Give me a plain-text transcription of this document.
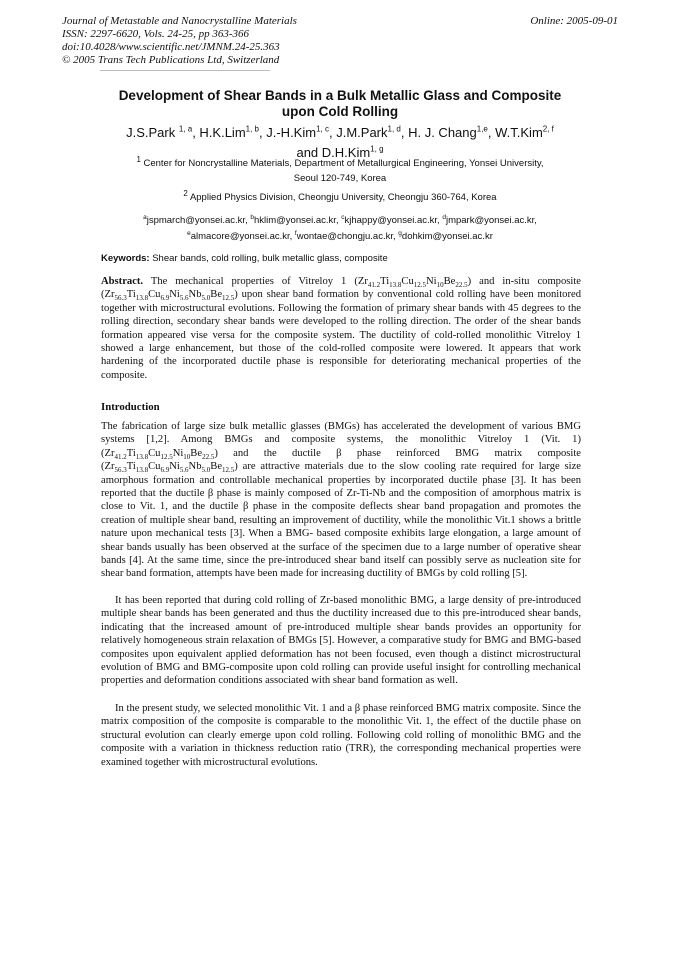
Journal of Metastable and Nanocrystalline Materials
ISSN: 2297-6620, Vols. 24-25, pp 363-366
doi:10.4028/www.scientific.net/JMNM.24-25.363
© 2005 Trans Tech Publications Ltd, Switzerland
Online: 2005-09-01
Development of Shear Bands in a Bulk Metallic Glass and Composite
upon Cold Rolling
J.S.Park $^{1, a}$, H.K.Lim$^{1, b}$, J.-H.Kim$^{1, c}$, J.M.Park$^{1, d}$, H. J. Chang$^{1,e}$, W.T.Kim$^{2, f}$
and D.H.Kim$^{1, g}$
$^1$ Center for Noncrystalline Materials, Department of Metallurgical Engineering, Yonsei University,
Seoul 120-749, Korea
$^2$ Applied Physics Division, Cheongju University, Cheongju 360-764, Korea
$^a$jspmarch@yonsei.ac.kr, $^b$hklim@yonsei.ac.kr, $^c$kjhappy@yonsei.ac.kr, $^d$jmpark@yonsei.ac.kr,
$^e$almacore@yonsei.ac.kr, $^f$wontae@chongju.ac.kr, $^g$dohkim@yonsei.ac.kr
Keywords: Shear bands, cold rolling, bulk metallic glass, composite
Abstract. The mechanical properties of Vitreloy 1 $(Zr_{41.2}Ti_{13.8}Cu_{12.5}Ni_{10}Be_{22.5})$ and in-situ composite $(Zr_{56.3}Ti_{13.8}Cu_{6.9}Ni_{5.6}Nb_{5.0}Be_{12.5})$ upon shear band formation by conventional cold rolling have been monitored together with microstructural evolutions. Following the formation of primary shear bands with 45 degrees to the rolling direction, secondary shear bands were developed to the rolling direction. The order of the shear bands formation appeared vise versa for the composite system. The ductility of cold-rolled monolithic Vitreloy 1 showed a large enhancement, but those of the cold-rolled composite were lowered. It appears that work hardening of the incorporated ductile phase is responsible for deteriorating mechanical properties of the composite.
Introduction
The fabrication of large size bulk metallic glasses (BMGs) has accelerated the development of various BMG systems [1,2]. Among BMGs and composite systems, the monolithic Vitreloy 1 (Vit. 1) $(Zr_{41.2}Ti_{13.8}Cu_{12.5}Ni_{10}Be_{22.5})$ and the ductile β phase reinforced BMG matrix composite $(Zr_{56.3}Ti_{13.8}Cu_{6.9}Ni_{5.6}Nb_{5.0}Be_{12.5})$ are attractive materials due to the slow cooling rate required for large size amorphous formation and controllable mechanical properties by incorporated ductile phase [3]. It has been reported that the ductile β phase is mainly composed of Zr-Ti-Nb and the composition of amorphous matrix is close to Vit. 1, and the ductile β phase in the composite deflects shear band propagation and promotes the creation of multiple shear band, resulting an improvement of ductility, while the monolithic Vit.1 shows a brittle nature upon mechanical tests [3]. When a BMG- based composite exhibits large elongation, a large amount of shear bands usually has been observed at the surface of the specimen due to a large number of operative shear bands [4]. At the same time, since the pre-introduced shear band itself can possibly serve as nucleation site for shear band formation, attempts have been made for increasing ductility of BMGs by cold rolling [5].
It has been reported that during cold rolling of Zr-based monolithic BMG, a large density of pre-introduced multiple shear bands has been generated and thus the ductility increased due to this pre-introduced shear bands, indicating that the increased amount of pre-introduced multiple shear bands provides an opportunity for relatively homogeneous strain relaxation of BMGs [5]. However, a comparative study for BMG and BMG-based composites upon equivalent applied deformation has not been focused, even though a distinct microstructural evolution of BMG and BMG-composite upon cold rolling can provide useful insight for controlling mechanical properties and deformation conditions associated with shear band formation as well.
In the present study, we selected monolithic Vit. 1 and a β phase reinforced BMG matrix composite. Since the matrix composition of the composite is comparable to the monolithic Vit. 1, the effect of the ductile phase on structural evolution can clearly emerge upon cold rolling. Following cold rolling of monolithic BMG and the composite with a variation in thickness reduction ratio (TRR), the corresponding mechanical properties were examined together with microstructural evolutions.
